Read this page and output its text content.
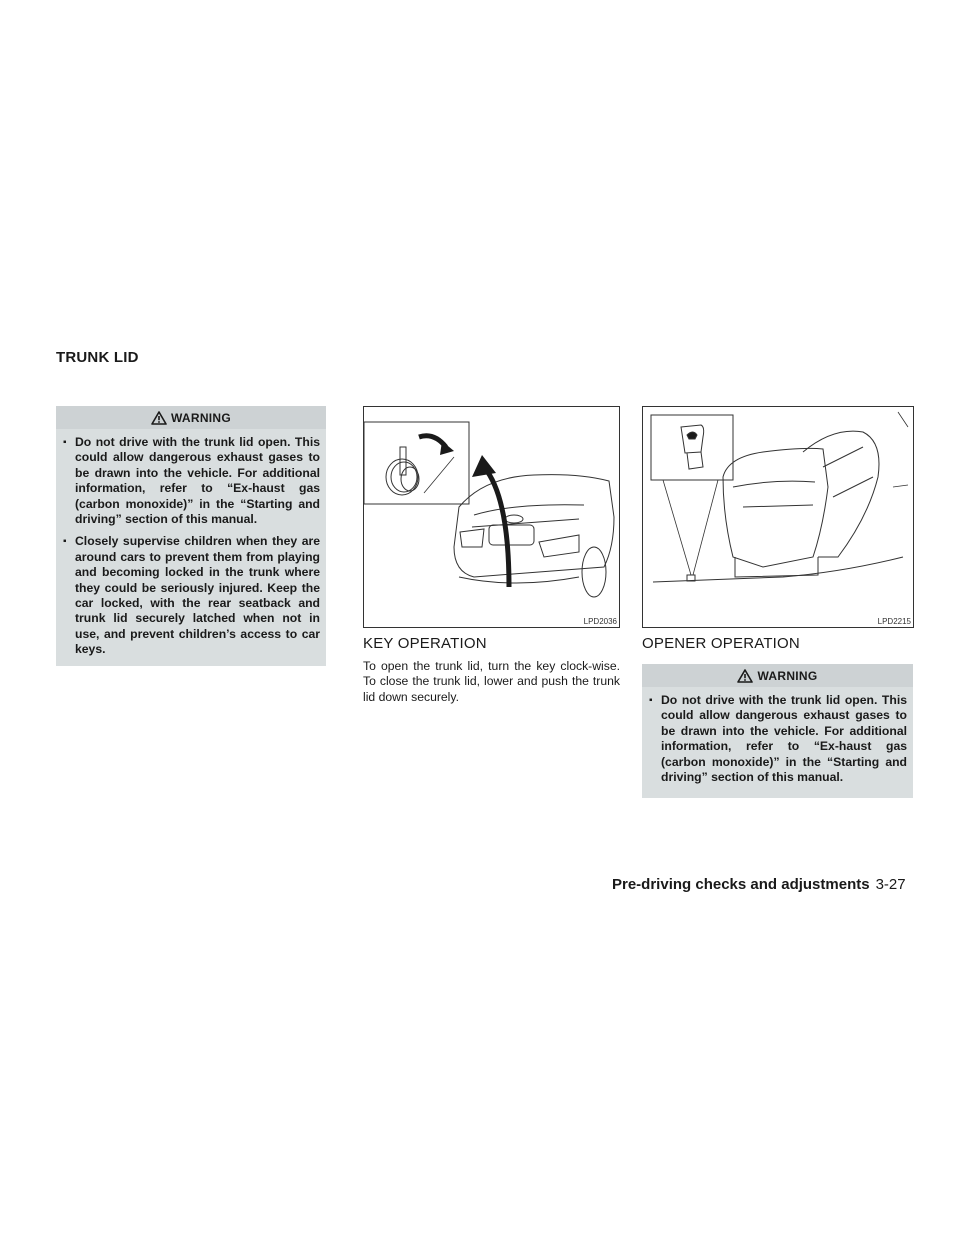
TRUNK LID
WARNING
▪ Do not drive with the trunk lid open. This could allow dangerous exhaust gases to be drawn into the vehicle. For additional information, refer to “Ex-haust gas (carbon monoxide)” in the “Starting and driving” section of this manual.
▪ Closely supervise children when they are around cars to prevent them from playing and becoming locked in the trunk where they could be seriously injured. Keep the car locked, with the rear seatback and trunk lid securely latched when not in use, and prevent children’s access to car keys.
LPD2036	LPD2215
KEY OPERATION
To open the trunk lid, turn the key clock-wise. To close the trunk lid, lower and push the trunk lid down securely.
OPENER OPERATION
WARNING
▪ Do not drive with the trunk lid open. This could allow dangerous exhaust gases to be drawn into the vehicle. For additional information, refer to “Ex-haust gas (carbon monoxide)” in the “Starting and driving” section of this manual.
Pre-driving checks and adjustments 3-27
